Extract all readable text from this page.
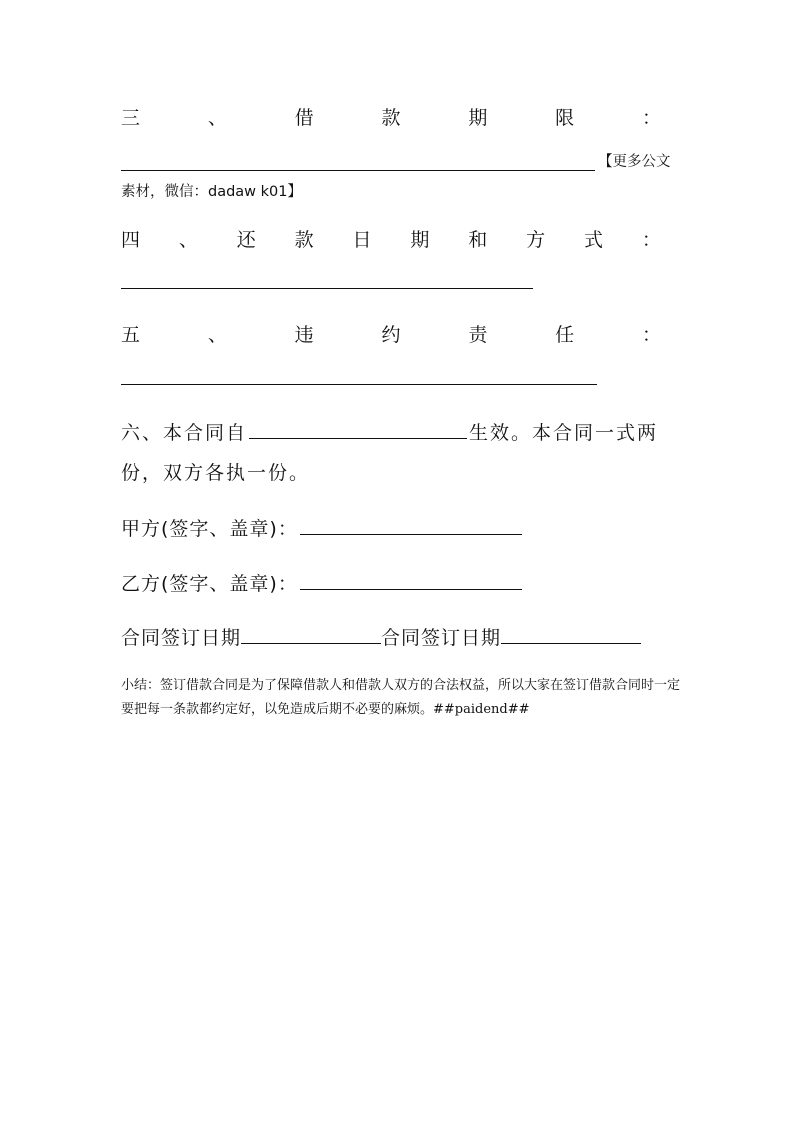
三	、	借	款	期	限	：
【更多公文
素材，微信：dadaw k01】
四 、 还 款 日 期 和 方 式 ：
五	、	违	约	责	任	：
六、本合同自	生效。本合同一式两
份，双方各执一份。
甲方(签字、盖章)：
乙方(签字、盖章)：
合同签订日期	合同签订日期
小结：签订借款合同是为了保障借款人和借款人双方的合法权益，所以大家在签订借款合同时一定要把每一条款都约定好，以免造成后期不必要的麻烦。##paidend##
